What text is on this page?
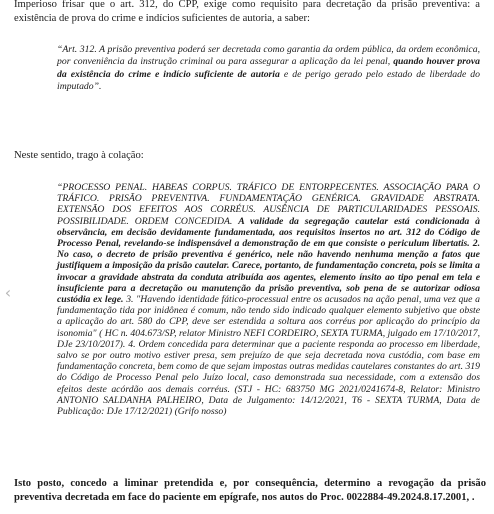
Imperioso frisar que o art. 312, do CPP, exige como requisito para decretação da prisão preventiva: a existência de prova do crime e indícios suficientes de autoria, a saber:

“Art. 312. A prisão preventiva poderá ser decretada como garantia da ordem pública, da ordem econômica, por conveniência da instrução criminal ou para assegurar a aplicação da lei penal, quando houver prova da existência do crime e indício suficiente de autoria e de perigo gerado pelo estado de liberdade do imputado”.

Neste sentido, trago à colação:

“PROCESSO PENAL. HABEAS CORPUS. TRÁFICO DE ENTORPECENTES. ASSOCIAÇÃO PARA O TRÁFICO. PRISÃO PREVENTIVA. FUNDAMENTAÇÃO GENÉRICA. GRAVIDADE ABSTRATA. EXTENSÃO DOS EFEITOS AOS CORRÉUS. AUSÊNCIA DE PARTICULARIDADES PESSOAIS. POSSIBILIDADE. ORDEM CONCEDIDA. A validade da segregação cautelar está condicionada à observância, em decisão devidamente fundamentada, aos requisitos insertos no art. 312 do Código de Processo Penal, revelando-se indispensável a demonstração de em que consiste o periculum libertatis. 2. No caso, o decreto de prisão preventiva é genérico, nele não havendo nenhuma menção a fatos que justifiquem a imposição da prisão cautelar. Carece, portanto, de fundamentação concreta, pois se limita a invocar a gravidade abstrata da conduta atribuída aos agentes, elemento ínsito ao tipo penal em tela e insuficiente para a decretação ou manutenção da prisão preventiva, sob pena de se autorizar odiosa custódia ex lege. 3. "Havendo identidade fático-processual entre os acusados na ação penal, uma vez que a fundamentação tida por inidônea é comum, não tendo sido indicado qualquer elemento subjetivo que obste a aplicação do art. 580 do CPP, deve ser estendida a soltura aos corréus por aplicação do princípio da isonomia" ( HC n. 404.673/SP, relator Ministro NEFI CORDEIRO, SEXTA TURMA, julgado em 17/10/2017, DJe 23/10/2017). 4. Ordem concedida para determinar que a paciente responda ao processo em liberdade, salvo se por outro motivo estiver presa, sem prejuízo de que seja decretada nova custódia, com base em fundamentação concreta, bem como de que sejam impostas outras medidas cautelares constantes do art. 319 do Código de Processo Penal pelo Juízo local, caso demonstrada sua necessidade, com a extensão dos efeitos deste acórdão aos demais corréus. (STJ - HC: 683750 MG 2021/0241674-8, Relator: Ministro ANTONIO SALDANHA PALHEIRO, Data de Julgamento: 14/12/2021, T6 - SEXTA TURMA, Data de Publicação: DJe 17/12/2021) (Grifo nosso)

Isto posto, concedo a liminar pretendida e, por consequência, determino a revogação da prisão preventiva decretada em face do paciente em epígrafe, nos autos do Proc. 0022884-49.2024.8.17.2001, .

‹
